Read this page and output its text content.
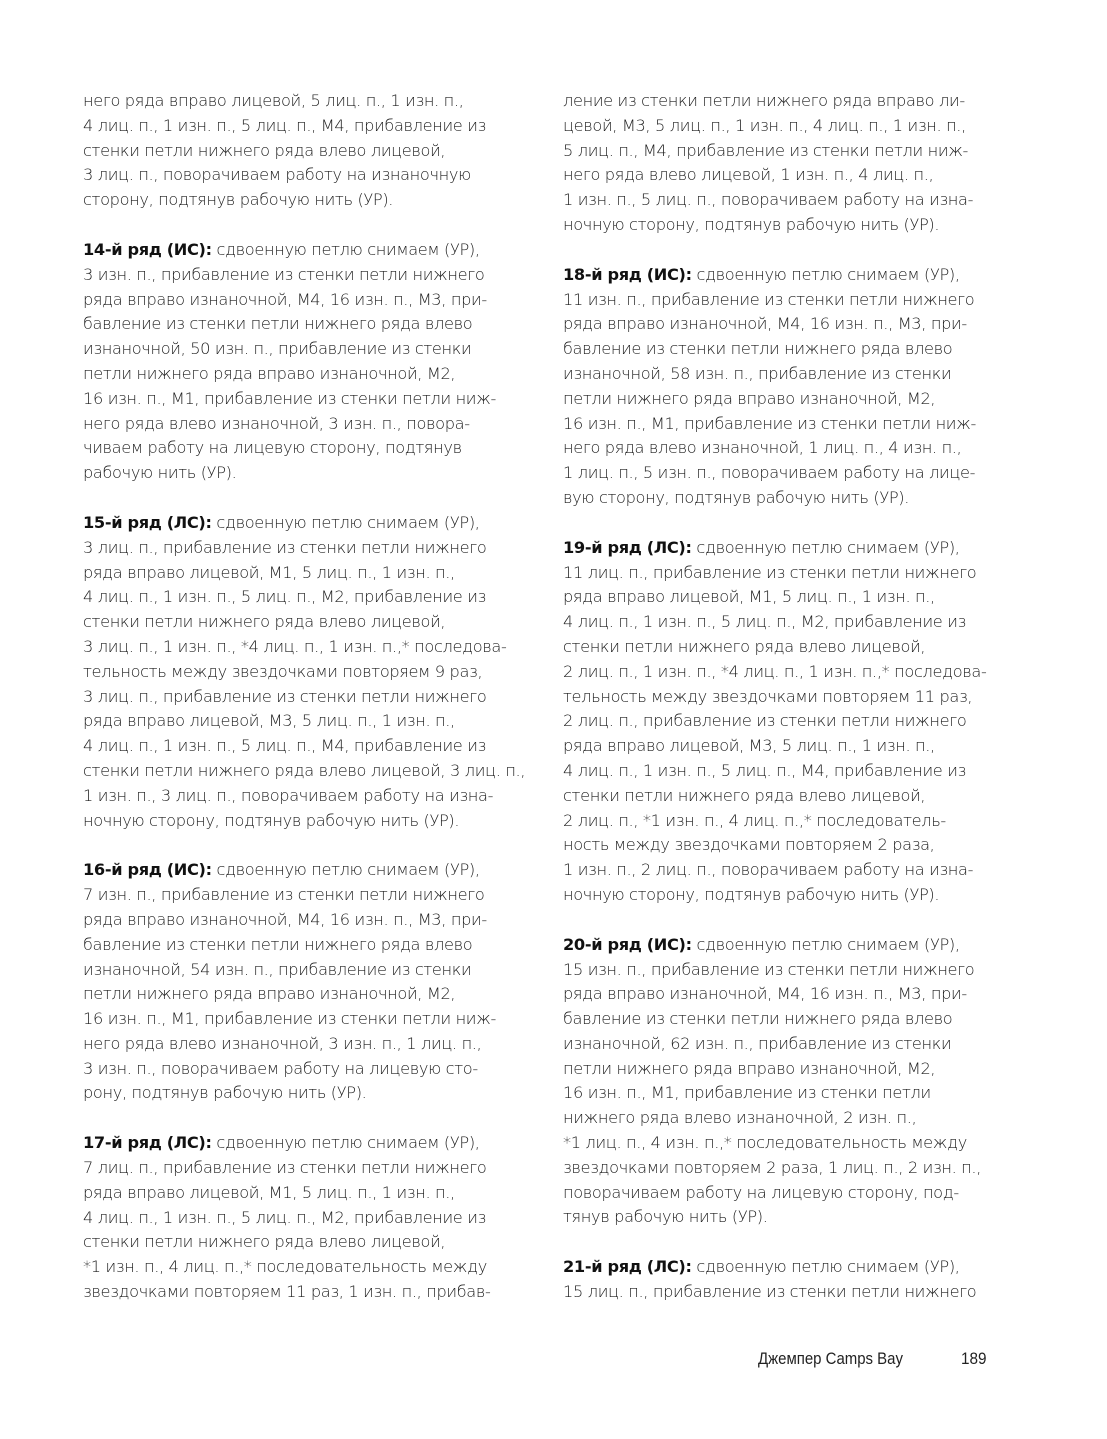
него ряда вправо лицевой, 5 лиц. п., 1 изн. п.,
4 лиц. п., 1 изн. п., 5 лиц. п., М4, прибавление из
стенки петли нижнего ряда влево лицевой,
3 лиц. п., поворачиваем работу на изнаночную
сторону, подтянув рабочую нить (УР).
14-й ряд (ИС): сдвоенную петлю снимаем (УР),
3 изн. п., прибавление из стенки петли нижнего
ряда вправо изнаночной, М4, 16 изн. п., М3, при-
бавление из стенки петли нижнего ряда влево
изнаночной, 50 изн. п., прибавление из стенки
петли нижнего ряда вправо изнаночной, М2,
16 изн. п., М1, прибавление из стенки петли ниж-
него ряда влево изнаночной, 3 изн. п., повора-
чиваем работу на лицевую сторону, подтянув
рабочую нить (УР).
15-й ряд (ЛС): сдвоенную петлю снимаем (УР),
3 лиц. п., прибавление из стенки петли нижнего
ряда вправо лицевой, М1, 5 лиц. п., 1 изн. п.,
4 лиц. п., 1 изн. п., 5 лиц. п., М2, прибавление из
стенки петли нижнего ряда влево лицевой,
3 лиц. п., 1 изн. п., *4 лиц. п., 1 изн. п.,* последова-
тельность между звездочками повторяем 9 раз,
3 лиц. п., прибавление из стенки петли нижнего
ряда вправо лицевой, М3, 5 лиц. п., 1 изн. п.,
4 лиц. п., 1 изн. п., 5 лиц. п., М4, прибавление из
стенки петли нижнего ряда влево лицевой, 3 лиц. п.,
1 изн. п., 3 лиц. п., поворачиваем работу на изна-
ночную сторону, подтянув рабочую нить (УР).
16-й ряд (ИС): сдвоенную петлю снимаем (УР),
7 изн. п., прибавление из стенки петли нижнего
ряда вправо изнаночной, М4, 16 изн. п., М3, при-
бавление из стенки петли нижнего ряда влево
изнаночной, 54 изн. п., прибавление из стенки
петли нижнего ряда вправо изнаночной, М2,
16 изн. п., М1, прибавление из стенки петли ниж-
него ряда влево изнаночной, 3 изн. п., 1 лиц. п.,
3 изн. п., поворачиваем работу на лицевую сто-
рону, подтянув рабочую нить (УР).
17-й ряд (ЛС): сдвоенную петлю снимаем (УР),
7 лиц. п., прибавление из стенки петли нижнего
ряда вправо лицевой, М1, 5 лиц. п., 1 изн. п.,
4 лиц. п., 1 изн. п., 5 лиц. п., М2, прибавление из
стенки петли нижнего ряда влево лицевой,
*1 изн. п., 4 лиц. п.,* последовательность между
звездочками повторяем 11 раз, 1 изн. п., прибав-
ление из стенки петли нижнего ряда вправо ли-
цевой, М3, 5 лиц. п., 1 изн. п., 4 лиц. п., 1 изн. п.,
5 лиц. п., М4, прибавление из стенки петли ниж-
него ряда влево лицевой, 1 изн. п., 4 лиц. п.,
1 изн. п., 5 лиц. п., поворачиваем работу на изна-
ночную сторону, подтянув рабочую нить (УР).
18-й ряд (ИС): сдвоенную петлю снимаем (УР),
11 изн. п., прибавление из стенки петли нижнего
ряда вправо изнаночной, М4, 16 изн. п., М3, при-
бавление из стенки петли нижнего ряда влево
изнаночной, 58 изн. п., прибавление из стенки
петли нижнего ряда вправо изнаночной, М2,
16 изн. п., М1, прибавление из стенки петли ниж-
него ряда влево изнаночной, 1 лиц. п., 4 изн. п.,
1 лиц. п., 5 изн. п., поворачиваем работу на лице-
вую сторону, подтянув рабочую нить (УР).
19-й ряд (ЛС): сдвоенную петлю снимаем (УР),
11 лиц. п., прибавление из стенки петли нижнего
ряда вправо лицевой, М1, 5 лиц. п., 1 изн. п.,
4 лиц. п., 1 изн. п., 5 лиц. п., М2, прибавление из
стенки петли нижнего ряда влево лицевой,
2 лиц. п., 1 изн. п., *4 лиц. п., 1 изн. п.,* последова-
тельность между звездочками повторяем 11 раз,
2 лиц. п., прибавление из стенки петли нижнего
ряда вправо лицевой, М3, 5 лиц. п., 1 изн. п.,
4 лиц. п., 1 изн. п., 5 лиц. п., М4, прибавление из
стенки петли нижнего ряда влево лицевой,
2 лиц. п., *1 изн. п., 4 лиц. п.,* последователь-
ность между звездочками повторяем 2 раза,
1 изн. п., 2 лиц. п., поворачиваем работу на изна-
ночную сторону, подтянув рабочую нить (УР).
20-й ряд (ИС): сдвоенную петлю снимаем (УР),
15 изн. п., прибавление из стенки петли нижнего
ряда вправо изнаночной, М4, 16 изн. п., М3, при-
бавление из стенки петли нижнего ряда влево
изнаночной, 62 изн. п., прибавление из стенки
петли нижнего ряда вправо изнаночной, М2,
16 изн. п., М1, прибавление из стенки петли
нижнего ряда влево изнаночной, 2 изн. п.,
*1 лиц. п., 4 изн. п.,* последовательность между
звездочками повторяем 2 раза, 1 лиц. п., 2 изн. п.,
поворачиваем работу на лицевую сторону, под-
тянув рабочую нить (УР).
21-й ряд (ЛС): сдвоенную петлю снимаем (УР),
15 лиц. п., прибавление из стенки петли нижнего
Джемпер Camps Bay	189
